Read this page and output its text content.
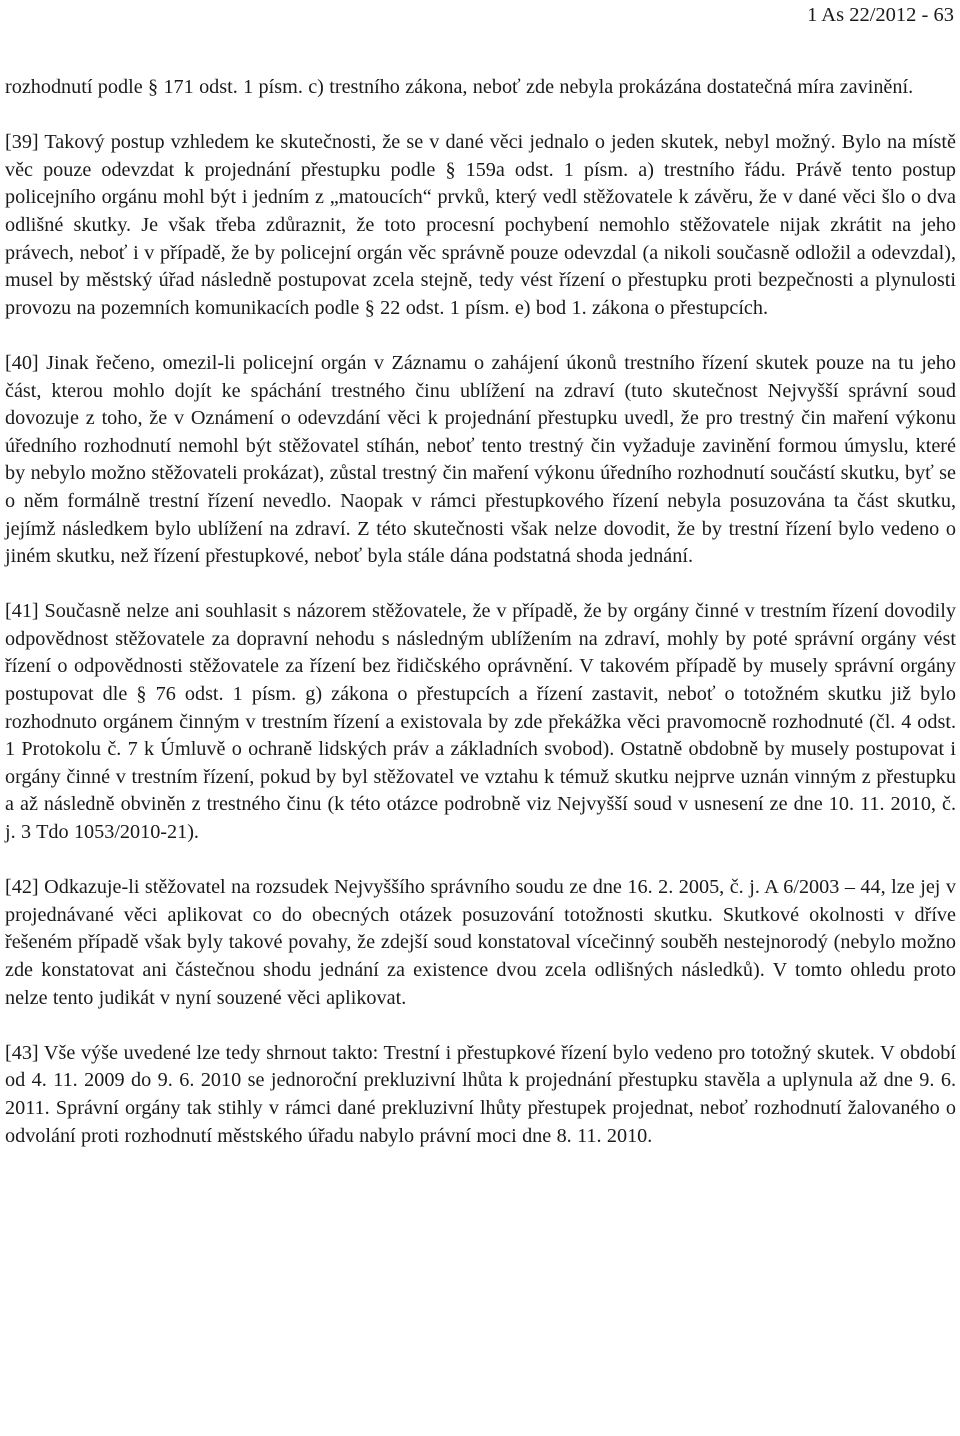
1 As 22/2012 - 63

rozhodnutí podle § 171 odst. 1 písm. c) trestního zákona, neboť zde nebyla prokázána dostatečná míra zavinění.

[39] Takový postup vzhledem ke skutečnosti, že se v dané věci jednalo o jeden skutek, nebyl možný. Bylo na místě věc pouze odevzdat k projednání přestupku podle § 159a odst. 1 písm. a) trestního řádu. Právě tento postup policejního orgánu mohl být i jedním z „matoucích“ prvků, který vedl stěžovatele k závěru, že v dané věci šlo o dva odlišné skutky. Je však třeba zdůraznit, že toto procesní pochybení nemohlo stěžovatele nijak zkrátit na jeho právech, neboť i v případě, že by policejní orgán věc správně pouze odevzdal (a nikoli současně odložil a odevzdal), musel by městský úřad následně postupovat zcela stejně, tedy vést řízení o přestupku proti bezpečnosti a plynulosti provozu na pozemních komunikacích podle § 22 odst. 1 písm. e) bod 1. zákona o přestupcích.

[40] Jinak řečeno, omezil-li policejní orgán v Záznamu o zahájení úkonů trestního řízení skutek pouze na tu jeho část, kterou mohlo dojít ke spáchání trestného činu ublížení na zdraví (tuto skutečnost Nejvyšší správní soud dovozuje z toho, že v Oznámení o odevzdání věci k projednání přestupku uvedl, že pro trestný čin maření výkonu úředního rozhodnutí nemohl být stěžovatel stíhán, neboť tento trestný čin vyžaduje zavinění formou úmyslu, které by nebylo možno stěžovateli prokázat), zůstal trestný čin maření výkonu úředního rozhodnutí součástí skutku, byť se o něm formálně trestní řízení nevedlo. Naopak v rámci přestupkového řízení nebyla posuzována ta část skutku, jejímž následkem bylo ublížení na zdraví. Z této skutečnosti však nelze dovodit, že by trestní řízení bylo vedeno o jiném skutku, než řízení přestupkové, neboť byla stále dána podstatná shoda jednání.

[41] Současně nelze ani souhlasit s názorem stěžovatele, že v případě, že by orgány činné v trestním řízení dovodily odpovědnost stěžovatele za dopravní nehodu s následným ublížením na zdraví, mohly by poté správní orgány vést řízení o odpovědnosti stěžovatele za řízení bez řidičského oprávnění. V takovém případě by musely správní orgány postupovat dle § 76 odst. 1 písm. g) zákona o přestupcích a řízení zastavit, neboť o totožném skutku již bylo rozhodnuto orgánem činným v trestním řízení a existovala by zde překážka věci pravomocně rozhodnuté (čl. 4 odst. 1 Protokolu č. 7 k Úmluvě o ochraně lidských práv a základních svobod). Ostatně obdobně by musely postupovat i orgány činné v trestním řízení, pokud by byl stěžovatel ve vztahu k témuž skutku nejprve uznán vinným z přestupku a až následně obviněn z trestného činu (k této otázce podrobně viz Nejvyšší soud v usnesení ze dne 10. 11. 2010, č. j. 3 Tdo 1053/2010-21).

[42] Odkazuje-li stěžovatel na rozsudek Nejvyššího správního soudu ze dne 16. 2. 2005, č. j. A 6/2003 – 44, lze jej v projednávané věci aplikovat co do obecných otázek posuzování totožnosti skutku. Skutkové okolnosti v dříve řešeném případě však byly takové povahy, že zdejší soud konstatoval vícečinný souběh nestejnorodý (nebylo možno zde konstatovat ani částečnou shodu jednání za existence dvou zcela odlišných následků). V tomto ohledu proto nelze tento judikát v nyní souzené věci aplikovat.

[43] Vše výše uvedené lze tedy shrnout takto: Trestní i přestupkové řízení bylo vedeno pro totožný skutek. V období od 4. 11. 2009 do 9. 6. 2010 se jednoroční prekluzivní lhůta k projednání přestupku stavěla a uplynula až dne 9. 6. 2011. Správní orgány tak stihly v rámci dané prekluzivní lhůty přestupek projednat, neboť rozhodnutí žalovaného o odvolání proti rozhodnutí městského úřadu nabylo právní moci dne 8. 11. 2010.
